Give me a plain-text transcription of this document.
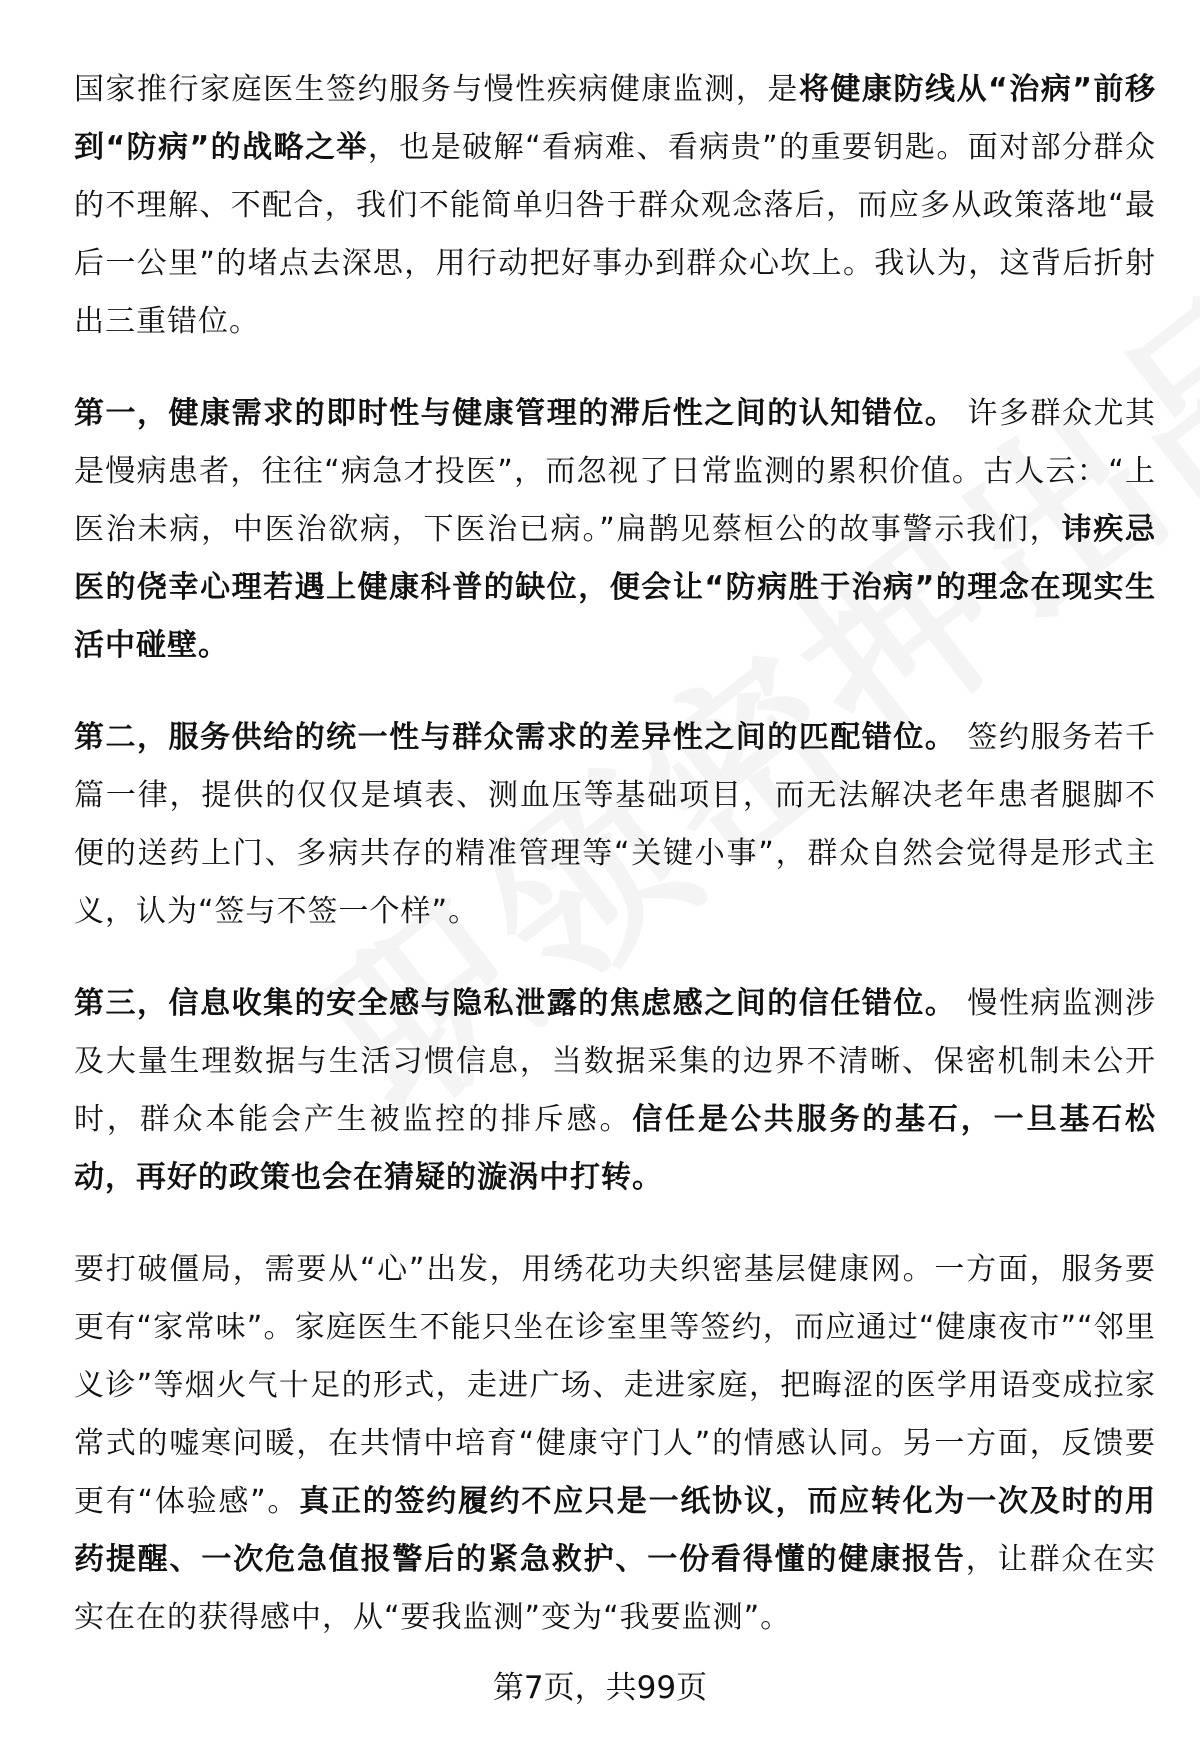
国家推行家庭医生签约服务与慢性疾病健康监测，是将健康防线从“治病”前移到“防病”的战略之举，也是破解“看病难、看病贵”的重要钥匙。面对部分群众的不理解、不配合，我们不能简单归咎于群众观念落后，而应多从政策落地“最后一公里”的堵点去深思，用行动把好事办到群众心坎上。我认为，这背后折射出三重错位。

第一，健康需求的即时性与健康管理的滞后性之间的认知错位。 许多群众尤其是慢病患者，往往“病急才投医”，而忽视了日常监测的累积价值。古人云：“上医治未病，中医治欲病，下医治已病。”扁鹊见蔡桓公的故事警示我们，讳疾忌医的侥幸心理若遇上健康科普的缺位，便会让“防病胜于治病”的理念在现实生活中碰壁。

第二，服务供给的统一性与群众需求的差异性之间的匹配错位。 签约服务若千篇一律，提供的仅仅是填表、测血压等基础项目，而无法解决老年患者腿脚不便的送药上门、多病共存的精准管理等“关键小事”，群众自然会觉得是形式主义，认为“签与不签一个样”。

第三，信息收集的安全感与隐私泄露的焦虑感之间的信任错位。 慢性病监测涉及大量生理数据与生活习惯信息，当数据采集的边界不清晰、保密机制未公开时，群众本能会产生被监控的排斥感。信任是公共服务的基石，一旦基石松动，再好的政策也会在猜疑的漩涡中打转。

要打破僵局，需要从“心”出发，用绣花功夫织密基层健康网。一方面，服务要更有“家常味”。家庭医生不能只坐在诊室里等签约，而应通过“健康夜市”“邻里义诊”等烟火气十足的形式，走进广场、走进家庭，把晦涩的医学用语变成拉家常式的嘘寒问暖，在共情中培育“健康守门人”的情感认同。另一方面，反馈要更有“体验感”。真正的签约履约不应只是一纸协议，而应转化为一次及时的用药提醒、一次危急值报警后的紧急救护、一份看得懂的健康报告，让群众在实实在在的获得感中，从“要我监测”变为“我要监测”。

第7页，共99页
